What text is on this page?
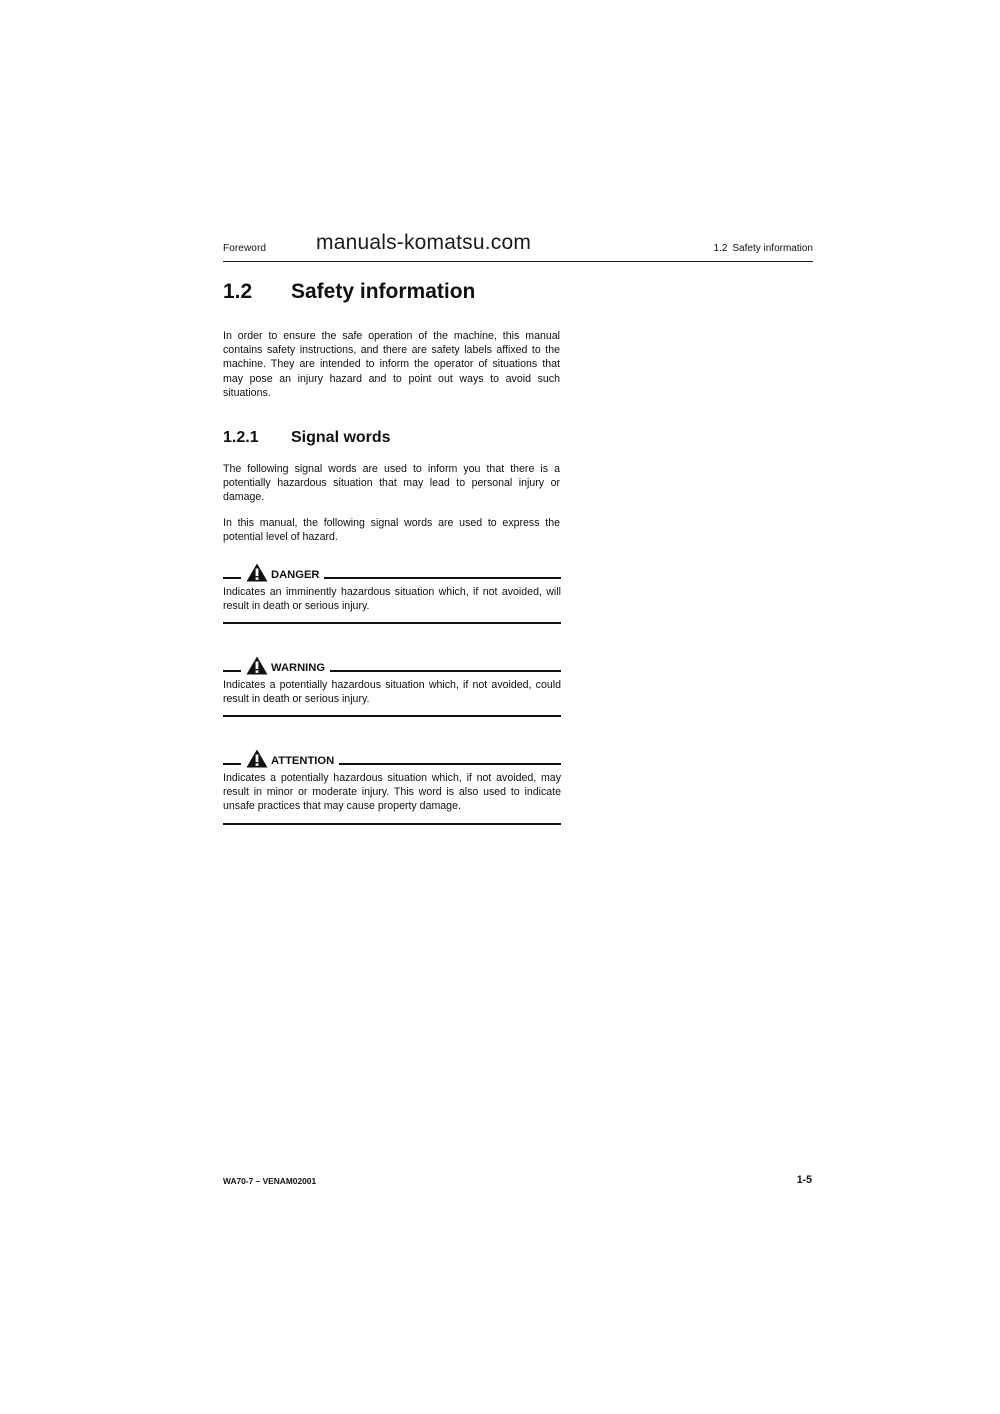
Foreword manuals-komatsu.com	1.2 Safety information
1.2 Safety information
In order to ensure the safe operation of the machine, this manual contains safety instructions, and there are safety labels affixed to the machine. They are intended to inform the operator of situations that may pose an injury hazard and to point out ways to avoid such situations.
1.2.1 Signal words
The following signal words are used to inform you that there is a potentially hazardous situation that may lead to personal injury or damage.
In this manual, the following signal words are used to express the potential level of hazard.
DANGER
Indicates an imminently hazardous situation which, if not avoided, will result in death or serious injury.
WARNING
Indicates a potentially hazardous situation which, if not avoided, could result in death or serious injury.
ATTENTION
Indicates a potentially hazardous situation which, if not avoided, may result in minor or moderate injury. This word is also used to indicate unsafe practices that may cause property damage.
WA70-7 – VENAM02001	1-5
